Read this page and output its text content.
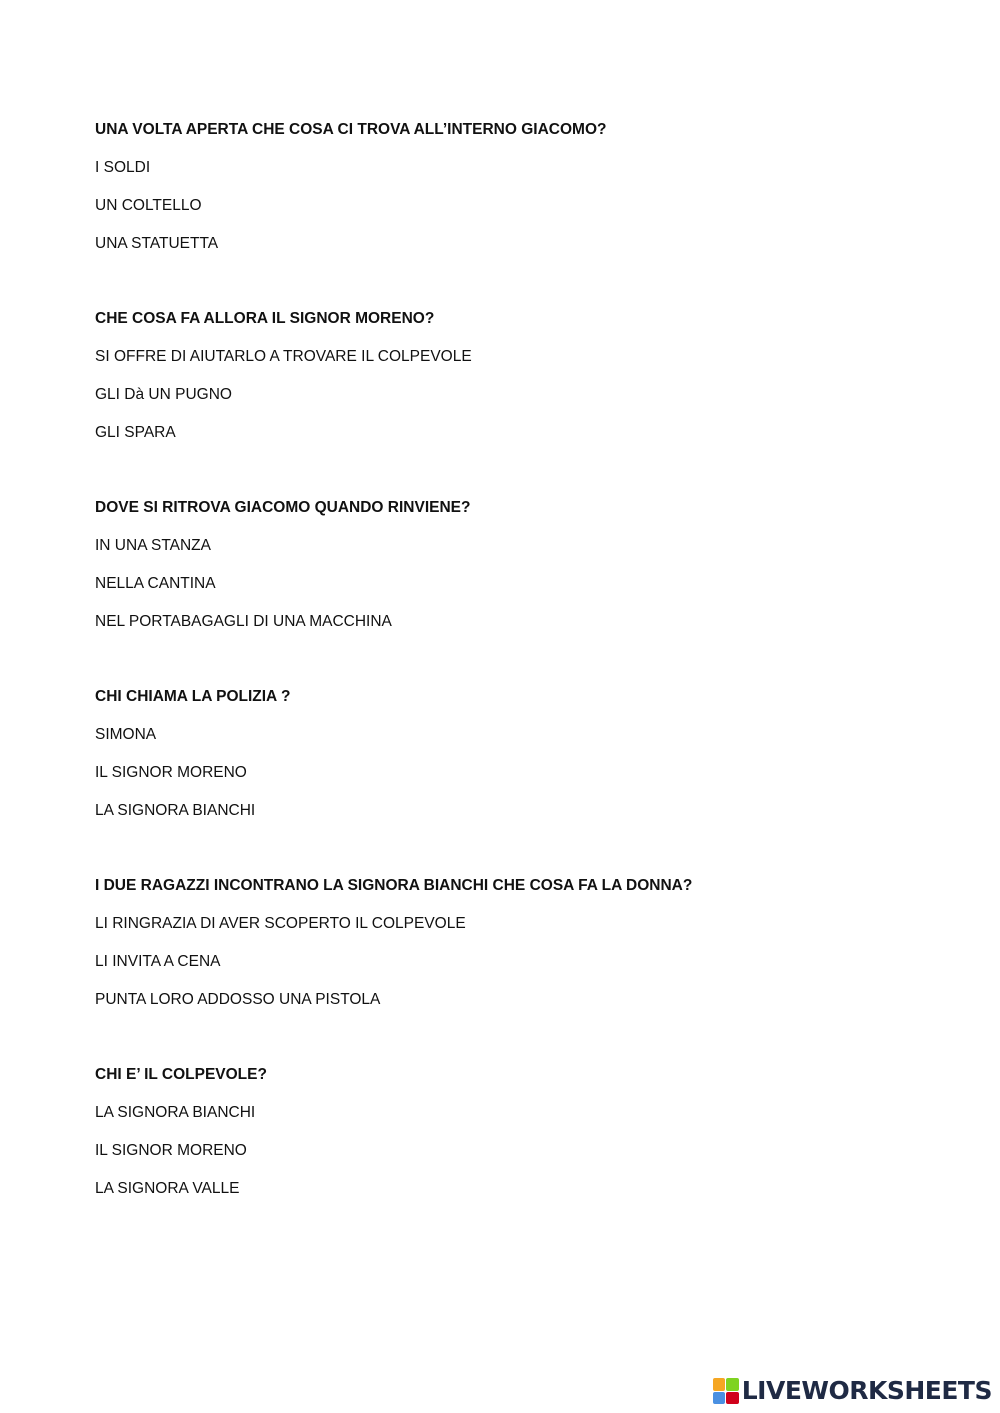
UNA VOLTA APERTA CHE COSA CI TROVA ALL’INTERNO GIACOMO?
I SOLDI
UN COLTELLO
UNA STATUETTA
CHE COSA FA ALLORA IL SIGNOR MORENO?
SI OFFRE DI AIUTARLO A TROVARE IL COLPEVOLE
GLI Dà UN PUGNO
GLI SPARA
DOVE SI RITROVA GIACOMO QUANDO RINVIENE?
IN UNA STANZA
NELLA CANTINA
NEL PORTABAGAGLI DI UNA MACCHINA
CHI CHIAMA LA POLIZIA ?
SIMONA
IL SIGNOR MORENO
LA SIGNORA BIANCHI
I DUE RAGAZZI INCONTRANO LA SIGNORA BIANCHI CHE COSA FA LA DONNA?
LI RINGRAZIA DI AVER SCOPERTO IL COLPEVOLE
LI INVITA A CENA
PUNTA LORO ADDOSSO UNA PISTOLA
CHI E’ IL COLPEVOLE?
LA SIGNORA BIANCHI
IL SIGNOR MORENO
LA SIGNORA VALLE
LIVEWORKSHEETS
